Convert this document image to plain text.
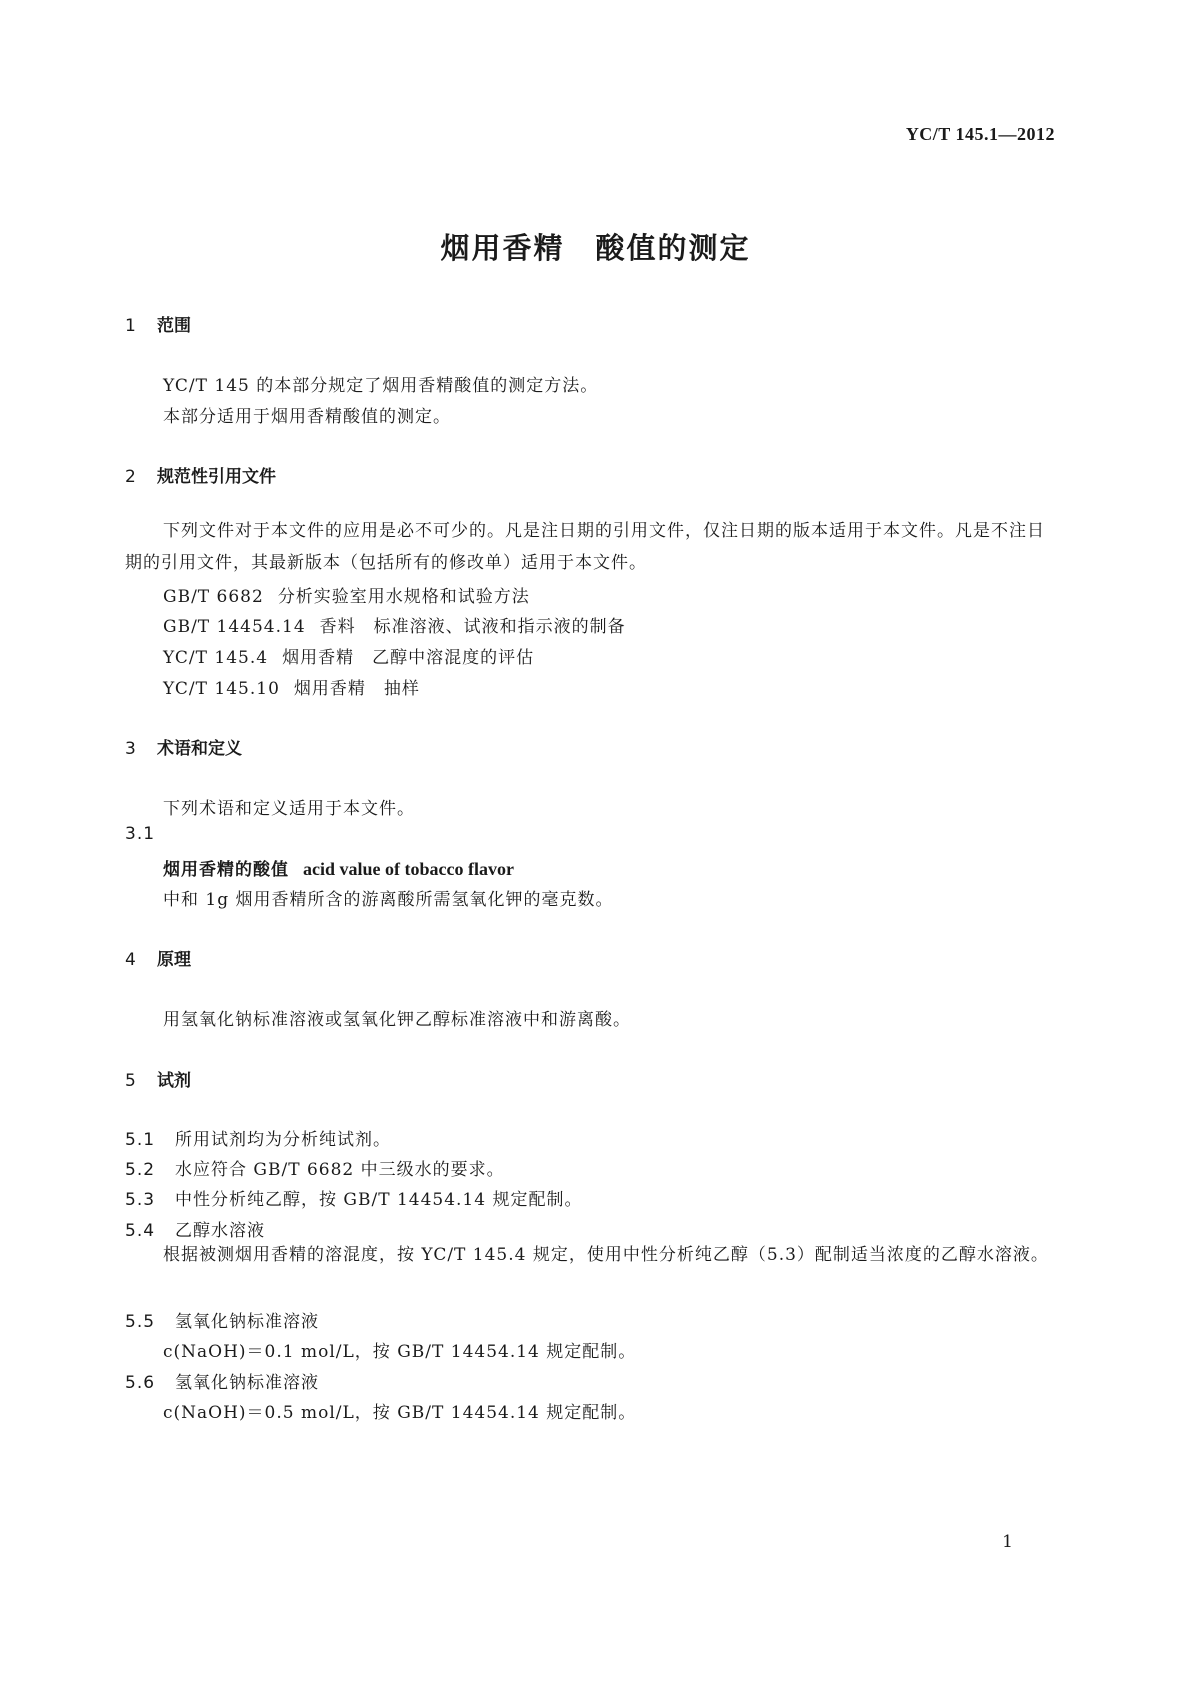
YC/T 145.1—2012
烟用香精　酸值的测定
1 范围
YC/T 145 的本部分规定了烟用香精酸值的测定方法。
本部分适用于烟用香精酸值的测定。
2 规范性引用文件
下列文件对于本文件的应用是必不可少的。凡是注日期的引用文件，仅注日期的版本适用于本文件。凡是不注日期的引用文件，其最新版本（包括所有的修改单）适用于本文件。
GB/T 6682 分析实验室用水规格和试验方法
GB/T 14454.14 香料　标准溶液、试液和指示液的制备
YC/T 145.4 烟用香精　乙醇中溶混度的评估
YC/T 145.10 烟用香精　抽样
3 术语和定义
下列术语和定义适用于本文件。
3.1
烟用香精的酸值 acid value of tobacco flavor
中和 1g 烟用香精所含的游离酸所需氢氧化钾的毫克数。
4 原理
用氢氧化钠标准溶液或氢氧化钾乙醇标准溶液中和游离酸。
5 试剂
5.1 所用试剂均为分析纯试剂。
5.2 水应符合 GB/T 6682 中三级水的要求。
5.3 中性分析纯乙醇，按 GB/T 14454.14 规定配制。
5.4 乙醇水溶液
根据被测烟用香精的溶混度，按 YC/T 145.4 规定，使用中性分析纯乙醇（5.3）配制适当浓度的乙醇水溶液。
5.5 氢氧化钠标准溶液
c(NaOH)＝0.1 mol/L，按 GB/T 14454.14 规定配制。
5.6 氢氧化钠标准溶液
c(NaOH)＝0.5 mol/L，按 GB/T 14454.14 规定配制。
1
